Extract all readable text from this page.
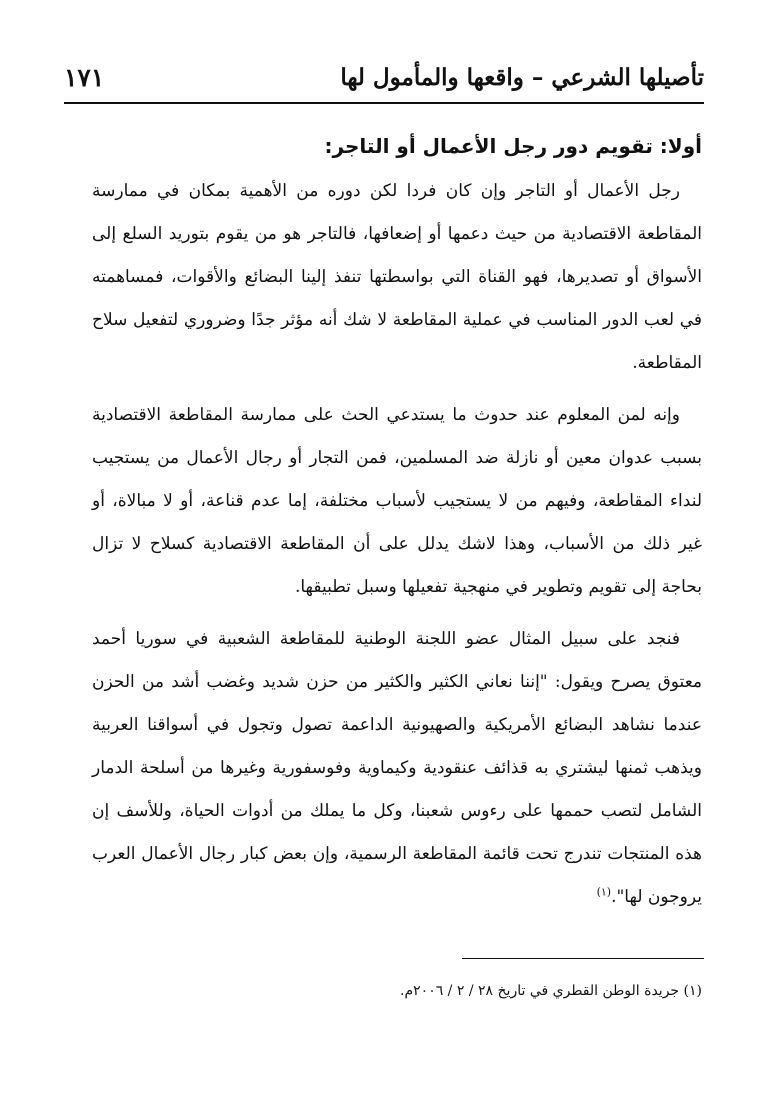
تأصيلها الشرعي – واقعها والمأمول لها
١٧١
أولا: تقويم دور رجل الأعمال أو التاجر:

رجل الأعمال أو التاجر وإن كان فردا لكن دوره من الأهمية بمكان في ممارسة المقاطعة الاقتصادية من حيث دعمها أو إضعافها، فالتاجر هو من يقوم بتوريد السلع إلى الأسواق أو تصديرها، فهو القناة التي بواسطتها تنفذ إلينا البضائع والأقوات، فمساهمته في لعب الدور المناسب في عملية المقاطعة لا شك أنه مؤثر جدًا وضروري لتفعيل سلاح المقاطعة.

وإنه لمن المعلوم عند حدوث ما يستدعي الحث على ممارسة المقاطعة الاقتصادية بسبب عدوان معين أو نازلة ضد المسلمين، فمن التجار أو رجال الأعمال من يستجيب لنداء المقاطعة، وفيهم من لا يستجيب لأسباب مختلفة، إما عدم قناعة، أو لا مبالاة، أو غير ذلك من الأسباب، وهذا لاشك يدلل على أن المقاطعة الاقتصادية كسلاح لا تزال بحاجة إلى تقويم وتطوير في منهجية تفعيلها وسبل تطبيقها.

فنجد على سبيل المثال عضو اللجنة الوطنية للمقاطعة الشعبية في سوريا أحمد معتوق يصرح ويقول: "إننا نعاني الكثير والكثير من حزن شديد وغضب أشد من الحزن عندما نشاهد البضائع الأمريكية والصهيونية الداعمة تصول وتجول في أسواقنا العربية ويذهب ثمنها ليشتري به قذائف عنقودية وكيماوية وفوسفورية وغيرها من أسلحة الدمار الشامل لتصب حممها على رءوس شعبنا، وكل ما يملك من أدوات الحياة، وللأسف إن هذه المنتجات تندرج تحت قائمة المقاطعة الرسمية، وإن بعض كبار رجال الأعمال العرب يروجون لها".$^{(١)}$

(١) جريدة الوطن القطري في تاريخ ٢٨ / ٢ / ٢٠٠٦م.
